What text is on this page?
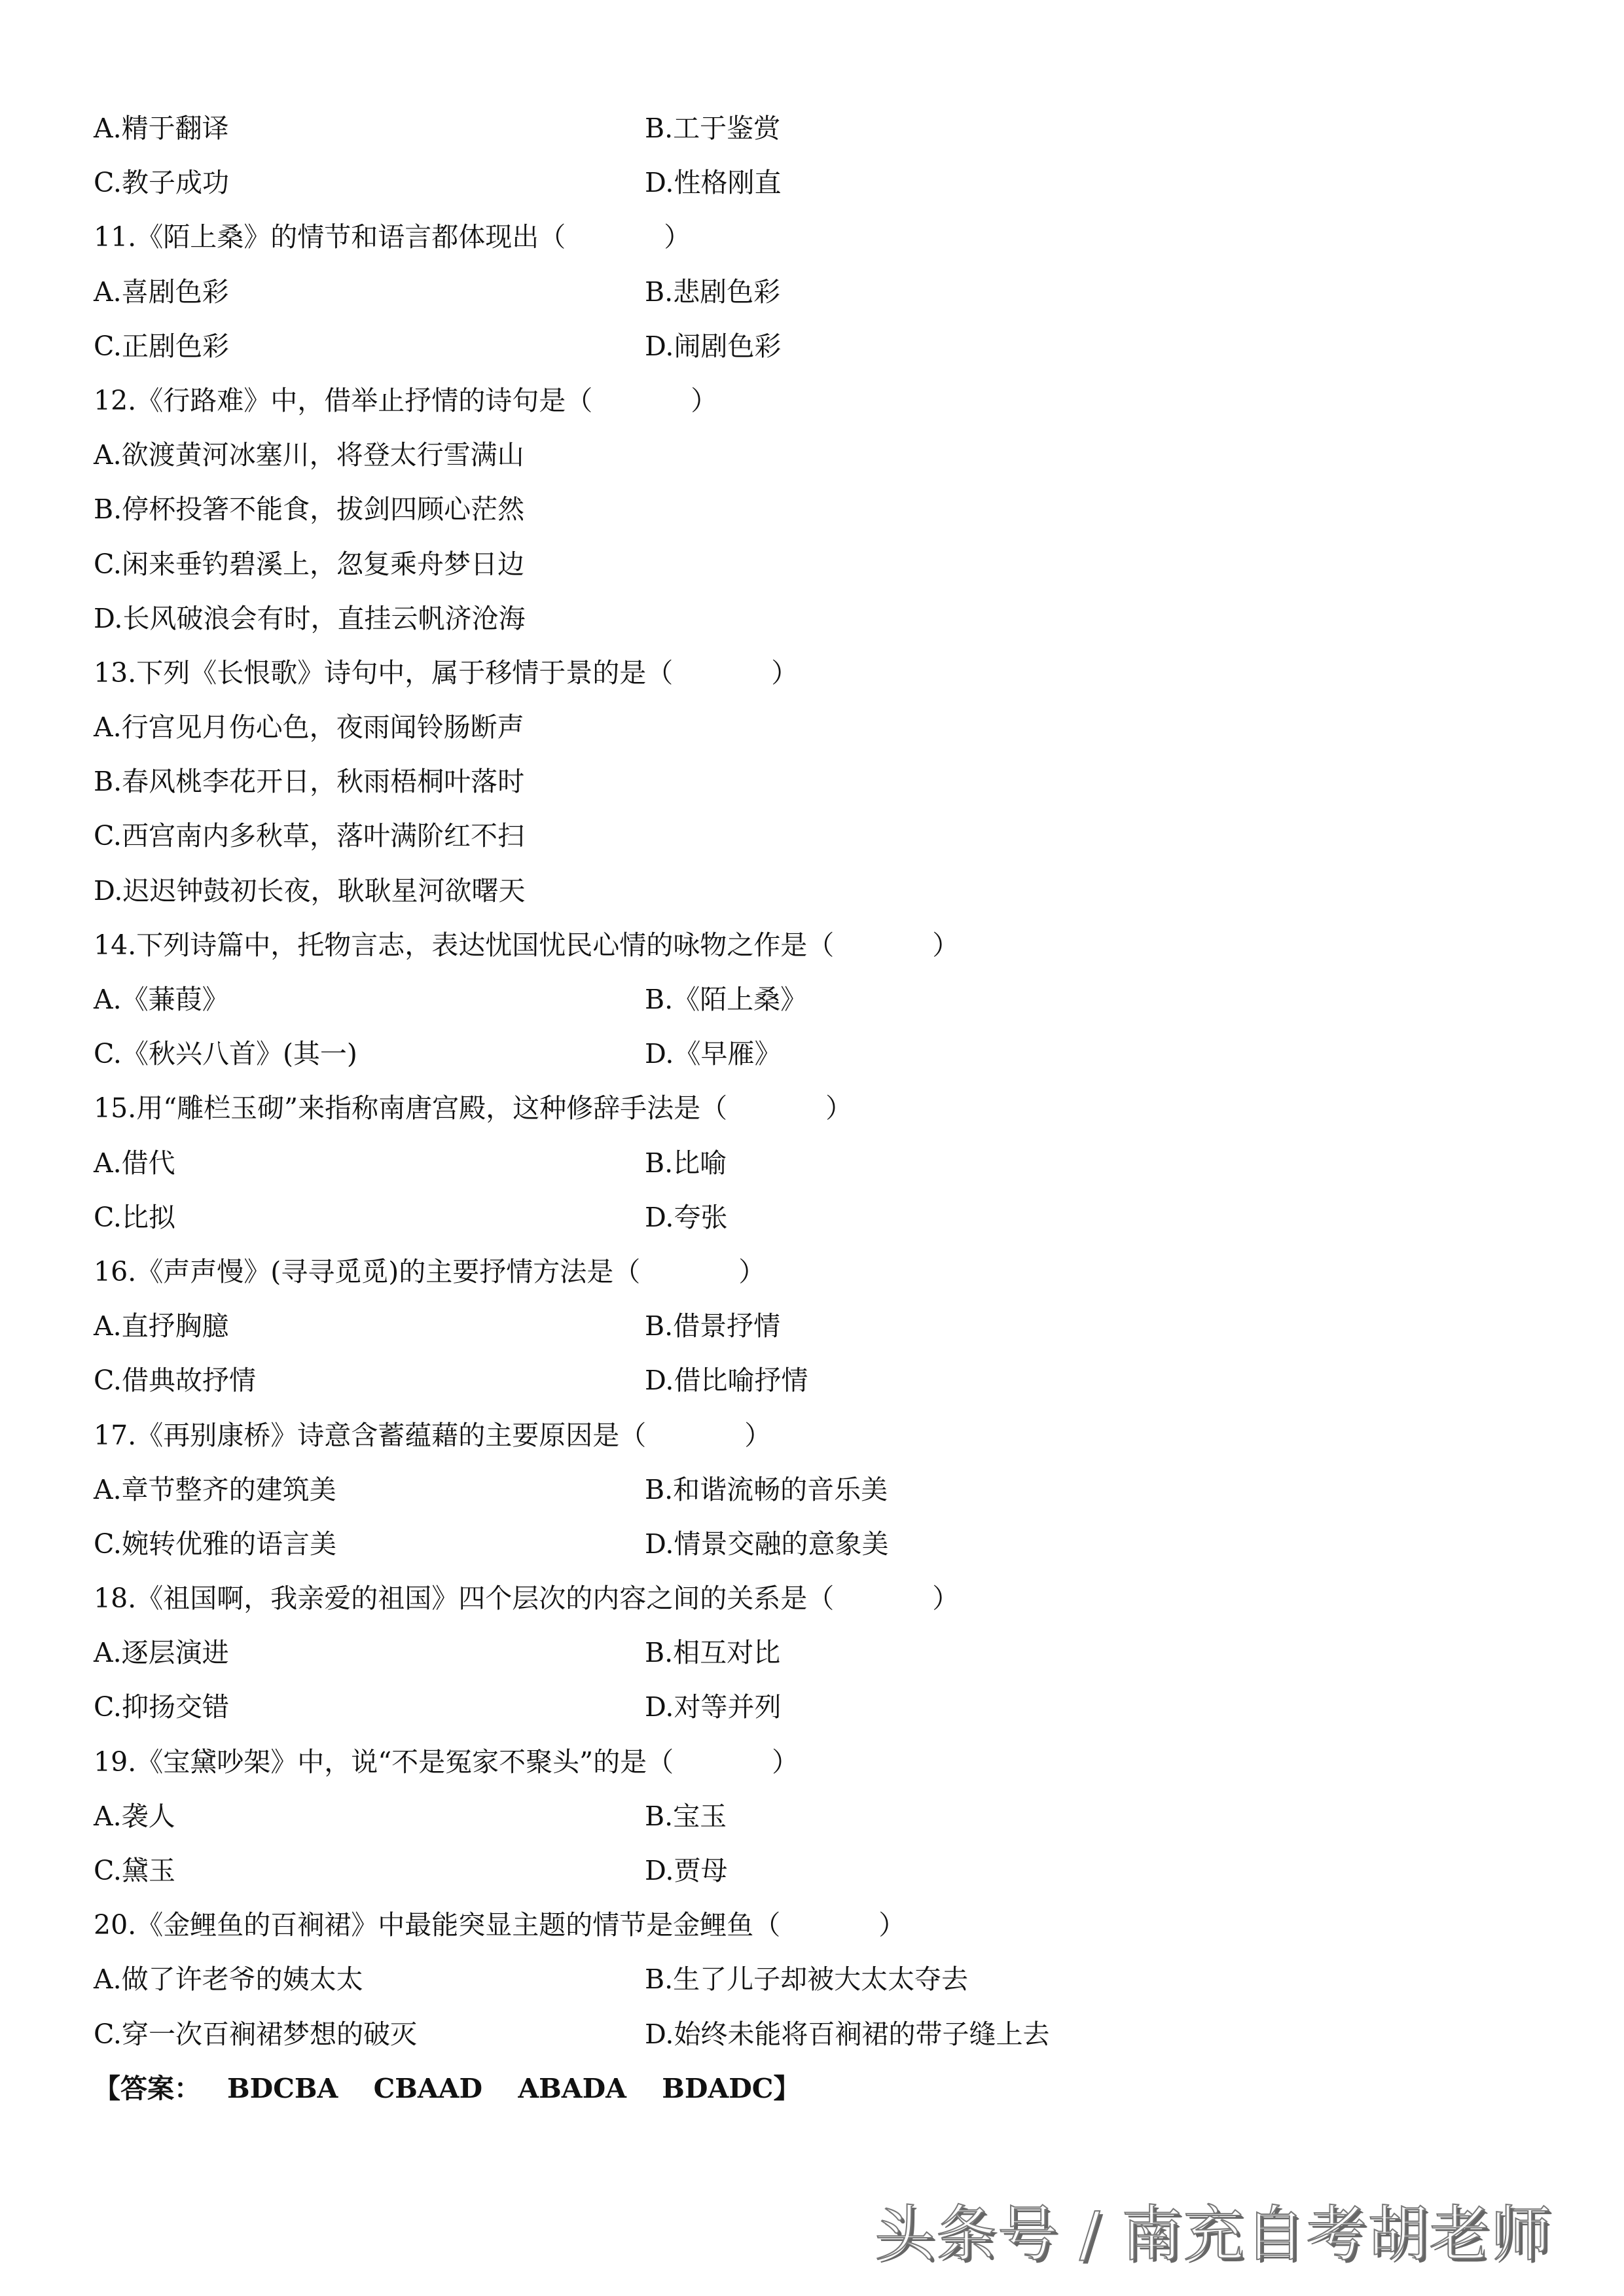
A.精于翻译	B.工于鉴赏
C.教子成功	D.性格刚直
11.《陌上桑》的情节和语言都体现出（	）
A.喜剧色彩	B.悲剧色彩
C.正剧色彩	D.闹剧色彩
12.《行路难》中，借举止抒情的诗句是（	）
A.欲渡黄河冰塞川，将登太行雪满山
B.停杯投箸不能食，拔剑四顾心茫然
C.闲来垂钓碧溪上，忽复乘舟梦日边
D.长风破浪会有时，直挂云帆济沧海
13.下列《长恨歌》诗句中，属于移情于景的是（	）
A.行宫见月伤心色，夜雨闻铃肠断声
B.春风桃李花开日，秋雨梧桐叶落时
C.西宫南内多秋草，落叶满阶红不扫
D.迟迟钟鼓初长夜，耿耿星河欲曙天
14.下列诗篇中，托物言志，表达忧国忧民心情的咏物之作是（	）
A.《蒹葭》	B.《陌上桑》
C.《秋兴八首》(其一)	D.《早雁》
15.用“雕栏玉砌”来指称南唐宫殿，这种修辞手法是（	）
A.借代	B.比喻
C.比拟	D.夸张
16.《声声慢》(寻寻觅觅)的主要抒情方法是（	）
A.直抒胸臆	B.借景抒情
C.借典故抒情	D.借比喻抒情
17.《再别康桥》诗意含蓄蕴藉的主要原因是（	）
A.章节整齐的建筑美	B.和谐流畅的音乐美
C.婉转优雅的语言美	D.情景交融的意象美
18.《祖国啊，我亲爱的祖国》四个层次的内容之间的关系是（	）
A.逐层演进	B.相互对比
C.抑扬交错	D.对等并列
19.《宝黛吵架》中，说“不是冤家不聚头”的是（	）
A.袭人	B.宝玉
C.黛玉	D.贾母
20.《金鲤鱼的百裥裙》中最能突显主题的情节是金鲤鱼（	）
A.做了许老爷的姨太太	B.生了儿子却被大太太夺去
C.穿一次百裥裙梦想的破灭	D.始终未能将百裥裙的带子缝上去
【答案： BDCBA CBAAD ABADA BDADC】
头条号 / 南充自考胡老师
